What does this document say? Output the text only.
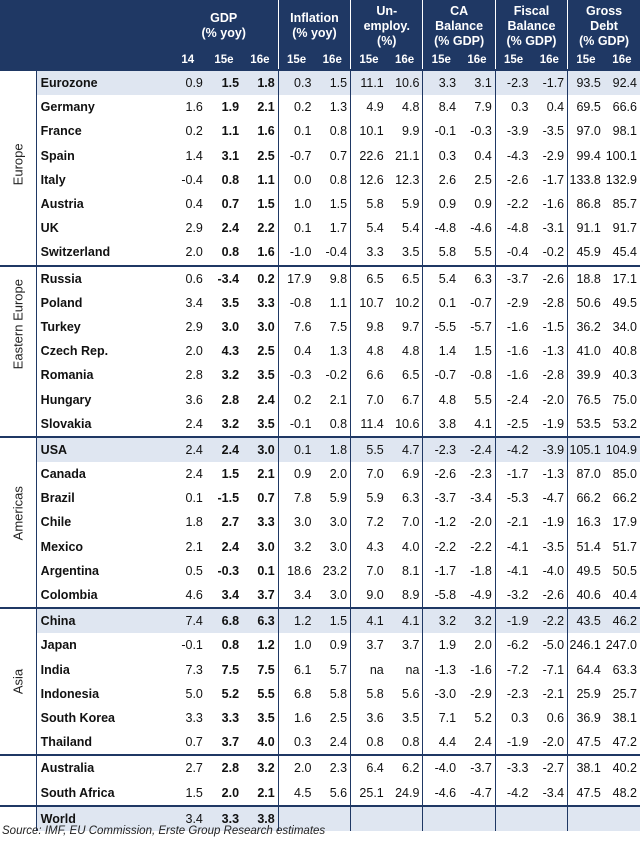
		GDP
(% yoy)			Inflation
(% yoy)		Un-
employ.
(%)		CA
Balance
(% GDP)		Fiscal
Balance
(% GDP)		Gross
Debt
(% GDP)	
		14	15e	16e	15e	16e	15e	16e	15e	16e	15e	16e	15e	16e

Europe	Eurozone	0.9	1.5	1.8	0.3	1.5	11.1	10.6	3.3	3.1	-2.3	-1.7	93.5	92.4
	Germany	1.6	1.9	2.1	0.2	1.3	4.9	4.8	8.4	7.9	0.3	0.4	69.5	66.6
	France	0.2	1.1	1.6	0.1	0.8	10.1	9.9	-0.1	-0.3	-3.9	-3.5	97.0	98.1
	Spain	1.4	3.1	2.5	-0.7	0.7	22.6	21.1	0.3	0.4	-4.3	-2.9	99.4	100.1
	Italy	-0.4	0.8	1.1	0.0	0.8	12.6	12.3	2.6	2.5	-2.6	-1.7	133.8	132.9
	Austria	0.4	0.7	1.5	1.0	1.5	5.8	5.9	0.9	0.9	-2.2	-1.6	86.8	85.7
	UK	2.9	2.4	2.2	0.1	1.7	5.4	5.4	-4.8	-4.6	-4.8	-3.1	91.1	91.7
	Switzerland	2.0	0.8	1.6	-1.0	-0.4	3.3	3.5	5.8	5.5	-0.4	-0.2	45.9	45.4

Eastern Europe	Russia	0.6	-3.4	0.2	17.9	9.8	6.5	6.5	5.4	6.3	-3.7	-2.6	18.8	17.1
	Poland	3.4	3.5	3.3	-0.8	1.1	10.7	10.2	0.1	-0.7	-2.9	-2.8	50.6	49.5
	Turkey	2.9	3.0	3.0	7.6	7.5	9.8	9.7	-5.5	-5.7	-1.6	-1.5	36.2	34.0
	Czech Rep.	2.0	4.3	2.5	0.4	1.3	4.8	4.8	1.4	1.5	-1.6	-1.3	41.0	40.8
	Romania	2.8	3.2	3.5	-0.3	-0.2	6.6	6.5	-0.7	-0.8	-1.6	-2.8	39.9	40.3
	Hungary	3.6	2.8	2.4	0.2	2.1	7.0	6.7	4.8	5.5	-2.4	-2.0	76.5	75.0
	Slovakia	2.4	3.2	3.5	-0.1	0.8	11.4	10.6	3.8	4.1	-2.5	-1.9	53.5	53.2

Americas	USA	2.4	2.4	3.0	0.1	1.8	5.5	4.7	-2.3	-2.4	-4.2	-3.9	105.1	104.9
	Canada	2.4	1.5	2.1	0.9	2.0	7.0	6.9	-2.6	-2.3	-1.7	-1.3	87.0	85.0
	Brazil	0.1	-1.5	0.7	7.8	5.9	5.9	6.3	-3.7	-3.4	-5.3	-4.7	66.2	66.2
	Chile	1.8	2.7	3.3	3.0	3.0	7.2	7.0	-1.2	-2.0	-2.1	-1.9	16.3	17.9
	Mexico	2.1	2.4	3.0	3.2	3.0	4.3	4.0	-2.2	-2.2	-4.1	-3.5	51.4	51.7
	Argentina	0.5	-0.3	0.1	18.6	23.2	7.0	8.1	-1.7	-1.8	-4.1	-4.0	49.5	50.5
	Colombia	4.6	3.4	3.7	3.4	3.0	9.0	8.9	-5.8	-4.9	-3.2	-2.6	40.6	40.4

Asia	China	7.4	6.8	6.3	1.2	1.5	4.1	4.1	3.2	3.2	-1.9	-2.2	43.5	46.2
	Japan	-0.1	0.8	1.2	1.0	0.9	3.7	3.7	1.9	2.0	-6.2	-5.0	246.1	247.0
	India	7.3	7.5	7.5	6.1	5.7	na	na	-1.3	-1.6	-7.2	-7.1	64.4	63.3
	Indonesia	5.0	5.2	5.5	6.8	5.8	5.8	5.6	-3.0	-2.9	-2.3	-2.1	25.9	25.7
	South Korea	3.3	3.3	3.5	1.6	2.5	3.6	3.5	7.1	5.2	0.3	0.6	36.9	38.1
	Thailand	0.7	3.7	4.0	0.3	2.4	0.8	0.8	4.4	2.4	-1.9	-2.0	47.5	47.2

	Australia	2.7	2.8	3.2	2.0	2.3	6.4	6.2	-4.0	-3.7	-3.3	-2.7	38.1	40.2
	South Africa	1.5	2.0	2.1	4.5	5.6	25.1	24.9	-4.6	-4.7	-4.2	-3.4	47.5	48.2

	World	3.4	3.3	3.8										
Source: IMF, EU Commission, Erste Group Research estimates
